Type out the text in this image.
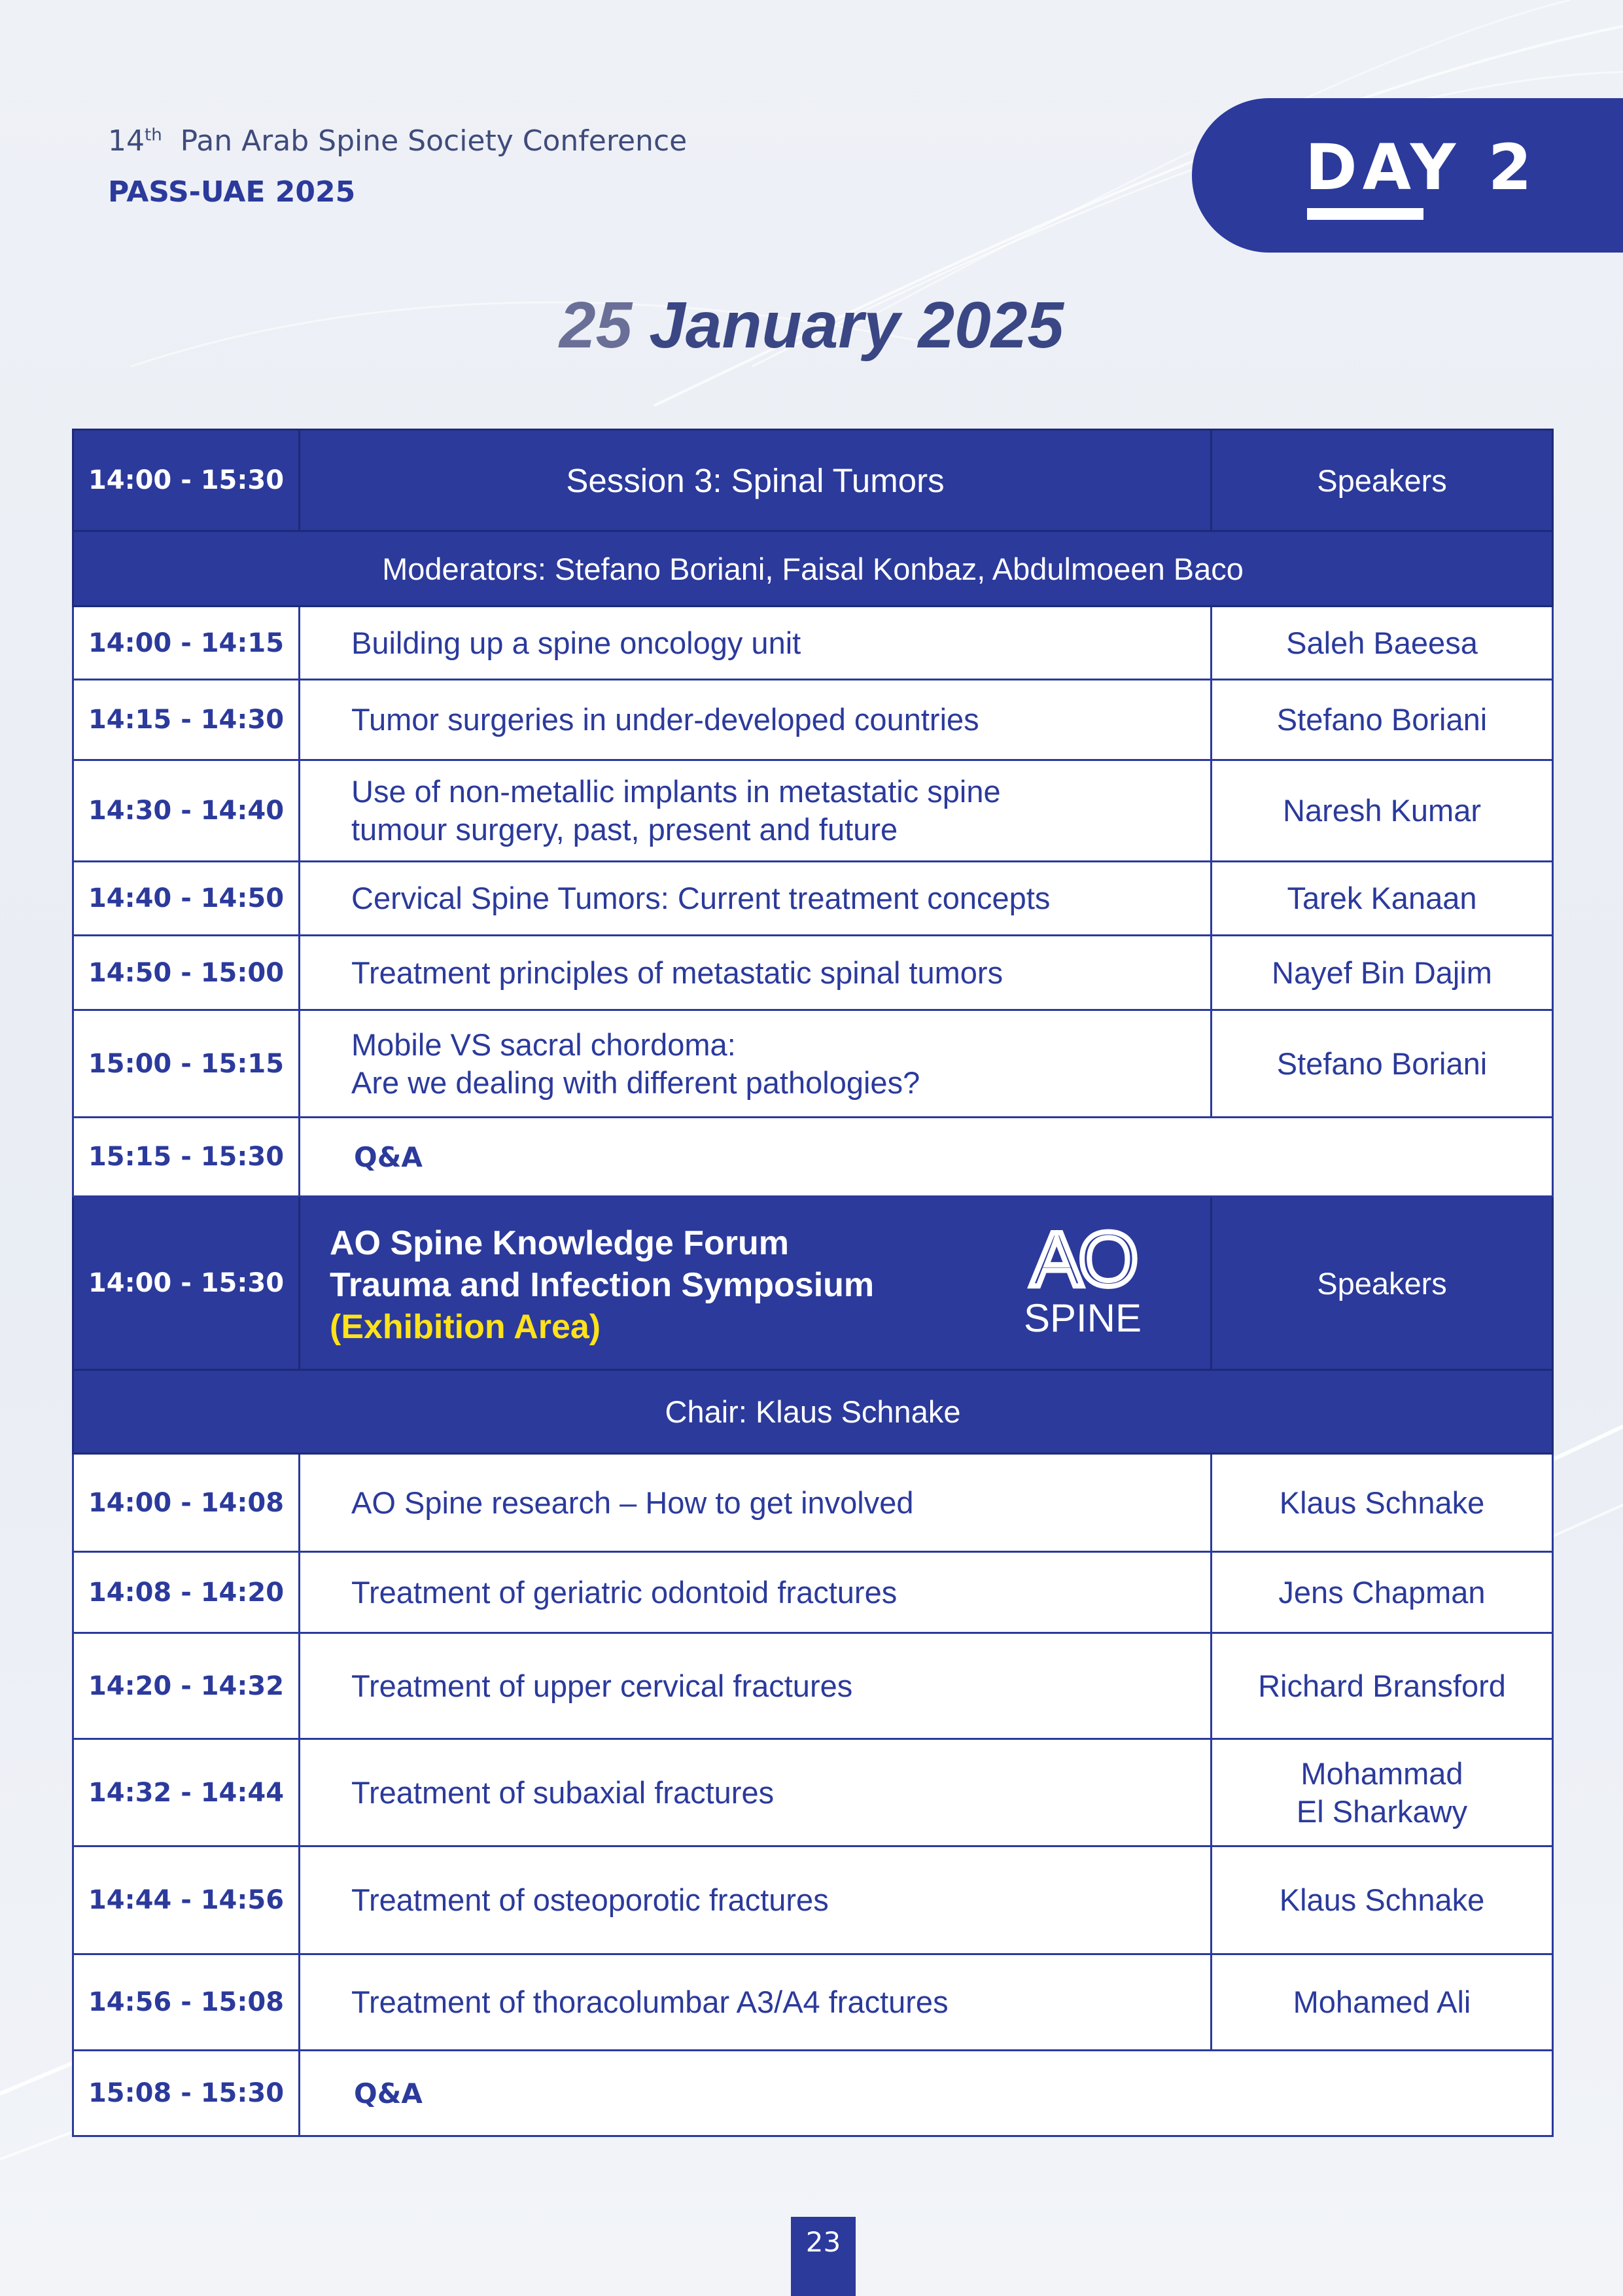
14th Pan Arab Spine Society Conference
PASS-UAE 2025	DAY 2
25 January 2025
14:00 - 15:30	Session 3: Spinal Tumors	Speakers
Moderators: Stefano Boriani, Faisal Konbaz, Abdulmoeen Baco		
14:00 - 14:15	Building up a spine oncology unit	Saleh Baeesa
14:15 - 14:30	Tumor surgeries in under-developed countries	Stefano Boriani
14:30 - 14:40	Use of non-metallic implants in metastatic spine
tumour surgery, past, present and future	Naresh Kumar
14:40 - 14:50	Cervical Spine Tumors: Current treatment concepts	Tarek Kanaan
14:50 - 15:00	Treatment principles of metastatic spinal tumors	Nayef Bin Dajim
15:00 - 15:15	Mobile VS sacral chordoma:
Are we dealing with different pathologies?	Stefano Boriani
15:15 - 15:30	Q&A	
14:00 - 15:30	AO Spine Knowledge Forum
Trauma and Infection Symposium
(Exhibition Area)
AO
SPINE	Speakers
Chair: Klaus Schnake		
14:00 - 14:08	AO Spine research – How to get involved	Klaus Schnake
14:08 - 14:20	Treatment of geriatric odontoid fractures	Jens Chapman
14:20 - 14:32	Treatment of upper cervical fractures	Richard Bransford
14:32 - 14:44	Treatment of subaxial fractures	Mohammad
El Sharkawy
14:44 - 14:56	Treatment of osteoporotic fractures	Klaus Schnake
14:56 - 15:08	Treatment of thoracolumbar A3/A4 fractures	Mohamed Ali
15:08 - 15:30	Q&A	
23
